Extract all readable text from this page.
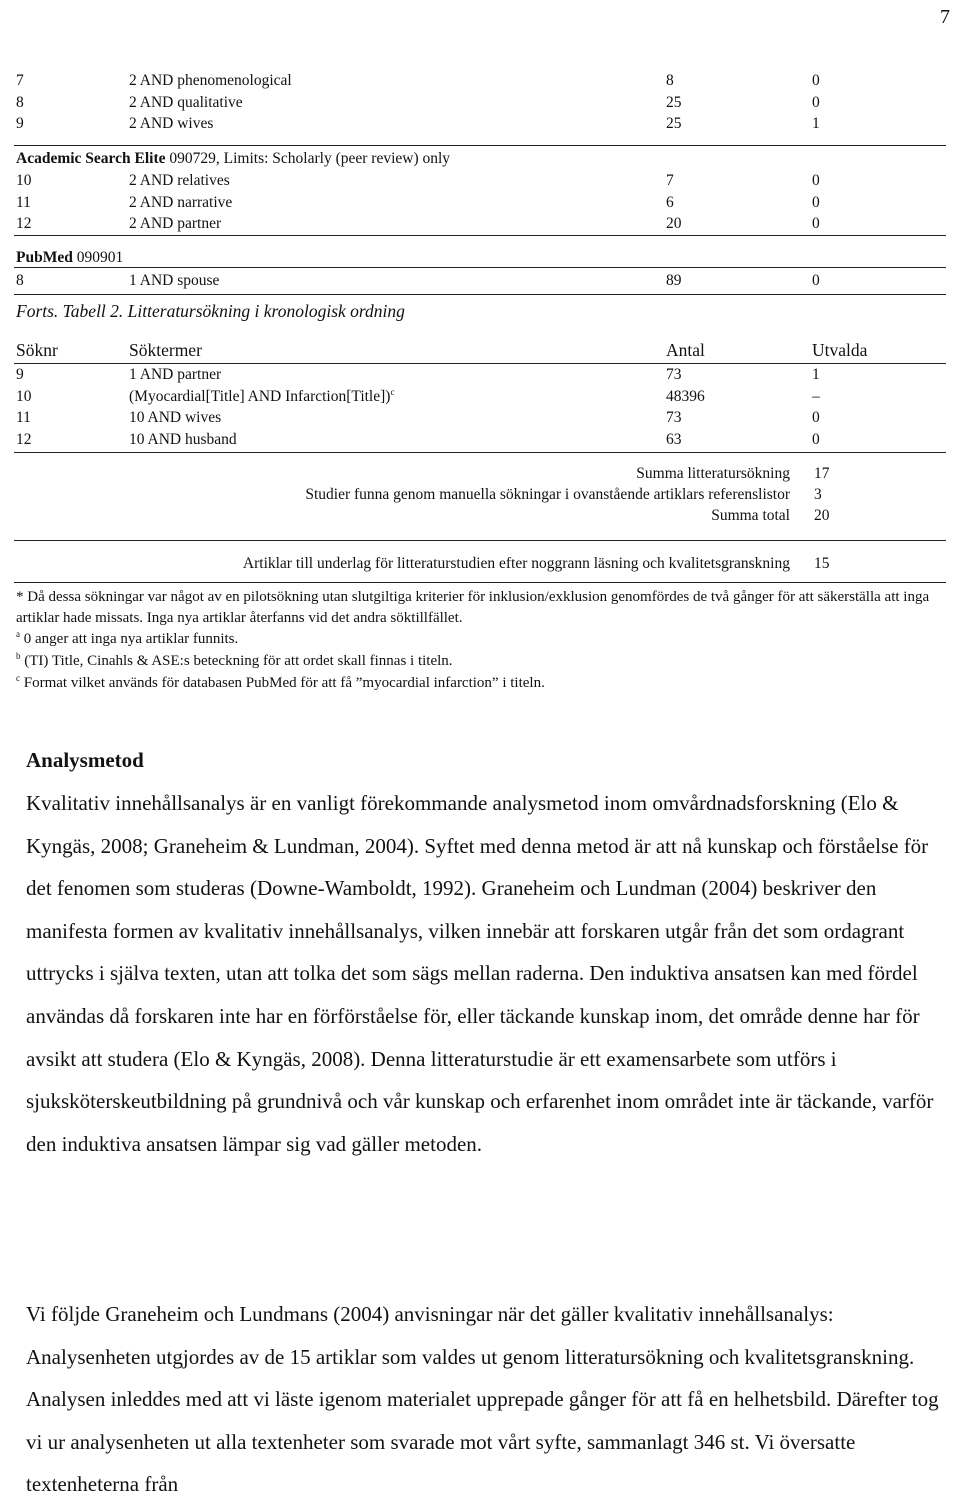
7
7	2 AND phenomenological	8	0
8	2 AND qualitative	25	0
9	2 AND wives	25	1
Academic Search Elite 090729, Limits: Scholarly (peer review) only
10	2 AND relatives	7	0
11	2 AND narrative	6	0
12	2 AND partner	20	0
PubMed 090901
8	1 AND spouse	89	0
Forts. Tabell 2. Litteratursökning i kronologisk ordning
Söknr	Söktermer	Antal	Utvalda
9	1 AND partner	73	1
10	(Myocardial[Title] AND Infarction[Title])$^c$	48396	–
11	10 AND wives	73	0
12	10 AND husband	63	0
Summa litteratursökning 17
Studier funna genom manuella sökningar i ovanstående artiklars referenslistor 3
Summa total 20
Artiklar till underlag för litteraturstudien efter noggrann läsning och kvalitetsgranskning 15
* Då dessa sökningar var något av en pilotsökning utan slutgiltiga kriterier för inklusion/exklusion genomfördes de två gånger för att säkerställa att inga artiklar hade missats. Inga nya artiklar återfanns vid det andra söktillfället.
$^a$ 0 anger att inga nya artiklar funnits.
$^b$ (TI) Title, Cinahls & ASE:s beteckning för att ordet skall finnas i titeln.
$^c$ Format vilket används för databasen PubMed för att få ”myocardial infarction” i titeln.
Analysmetod

Kvalitativ innehållsanalys är en vanligt förekommande analysmetod inom omvårdnadsforskning (Elo & Kyngäs, 2008; Graneheim & Lundman, 2004). Syftet med denna metod är att nå kunskap och förståelse för det fenomen som studeras (Downe-Wamboldt, 1992). Graneheim och Lundman (2004) beskriver den manifesta formen av kvalitativ innehållsanalys, vilken innebär att forskaren utgår från det som ordagrant uttrycks i själva texten, utan att tolka det som sägs mellan raderna. Den induktiva ansatsen kan med fördel användas då forskaren inte har en förförståelse för, eller täckande kunskap inom, det område denne har för avsikt att studera (Elo & Kyngäs, 2008). Denna litteraturstudie är ett examensarbete som utförs i sjuksköterskeutbildning på grundnivå och vår kunskap och erfarenhet inom området inte är täckande, varför den induktiva ansatsen lämpar sig vad gäller metoden.

Vi följde Graneheim och Lundmans (2004) anvisningar när det gäller kvalitativ innehållsanalys: Analysenheten utgjordes av de 15 artiklar som valdes ut genom litteratursökning och kvalitetsgranskning. Analysen inleddes med att vi läste igenom materialet upprepade gånger för att få en helhetsbild. Därefter tog vi ur analysenheten ut alla textenheter som svarade mot vårt syfte, sammanlagt 346 st. Vi översatte textenheterna från
